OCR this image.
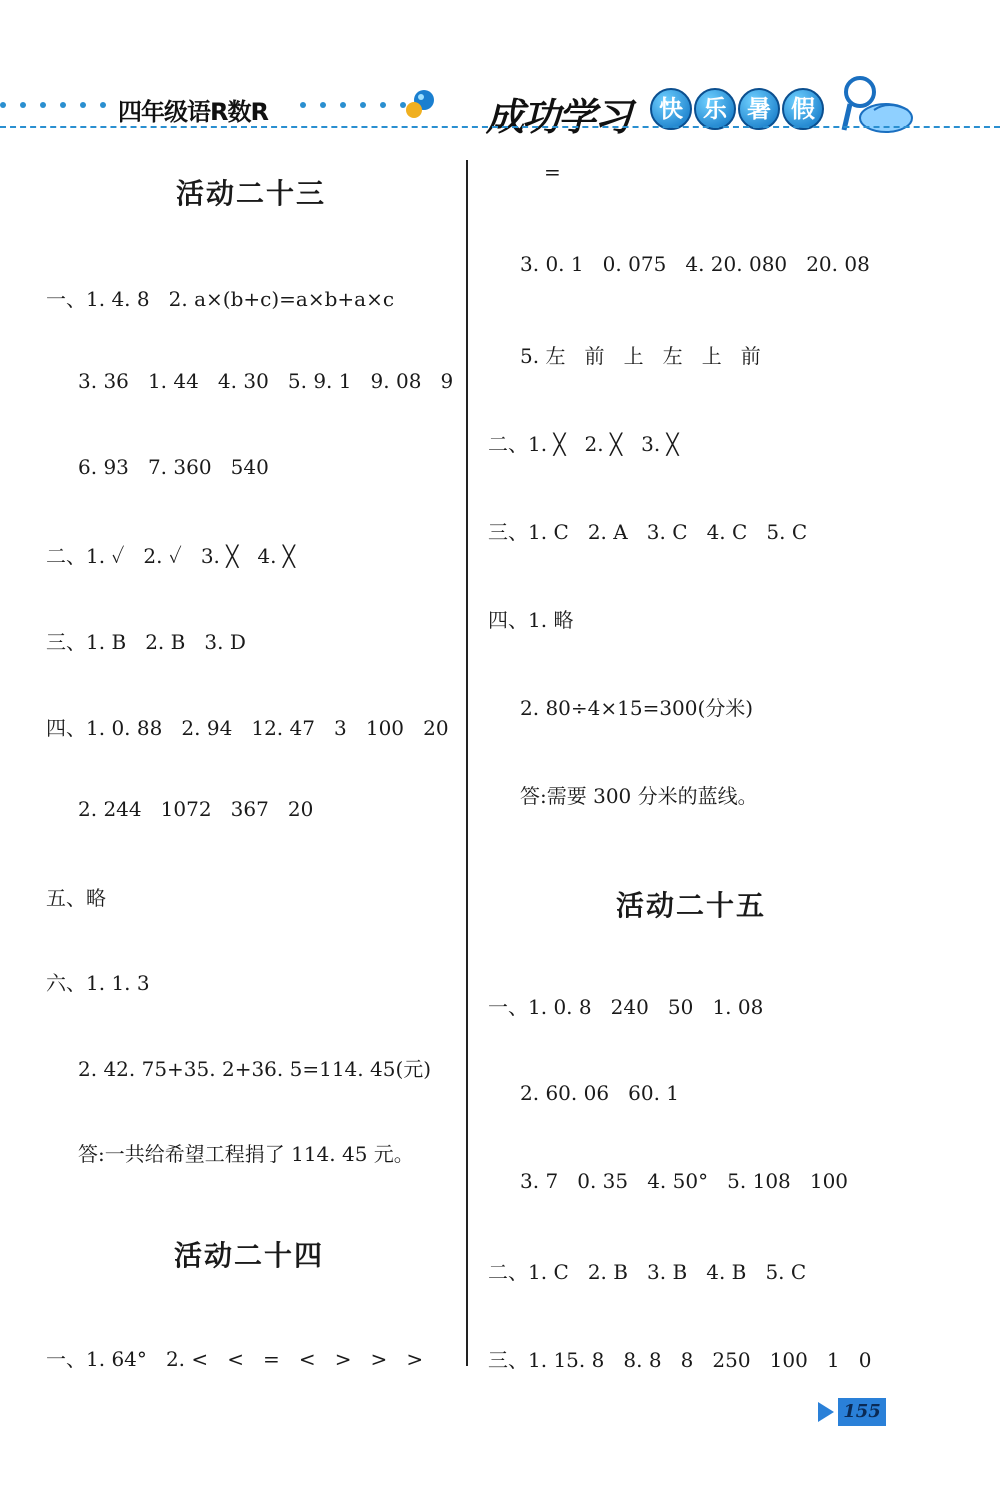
四年级语R数R	成功学习	快 乐 暑 假
活动二十三
一、1. 4. 8   2. a×(b+c)=a×b+a×c
3. 36   1. 44   4. 30   5. 9. 1   9. 08   9
6. 93   7. 360   540
二、1. ✓   2. ✓   3. ╳   4. ╳
三、1. B   2. B   3. D
四、1. 0. 88   2. 94   12. 47   3   100   20
2. 244   1072   367   20
五、略
六、1. 1. 3
2. 42. 75+35. 2+36. 5=114. 45(元)
答:一共给希望工程捐了 114. 45 元。
活动二十四
一、1. 64°   2. <   <   =   <   >   >   >
=
3. 0. 1   0. 075   4. 20. 080   20. 08
5. 左   前   上   左   上   前
二、1. ╳   2. ╳   3. ╳
三、1. C   2. A   3. C   4. C   5. C
四、1. 略
2. 80÷4×15=300(分米)
答:需要 300 分米的蓝线。
活动二十五
一、1. 0. 8   240   50   1. 08
2. 60. 06   60. 1
3. 7   0. 35   4. 50°   5. 108   100
二、1. C   2. B   3. B   4. B   5. C
三、1. 15. 8   8. 8   8   250   100   1   0
155
